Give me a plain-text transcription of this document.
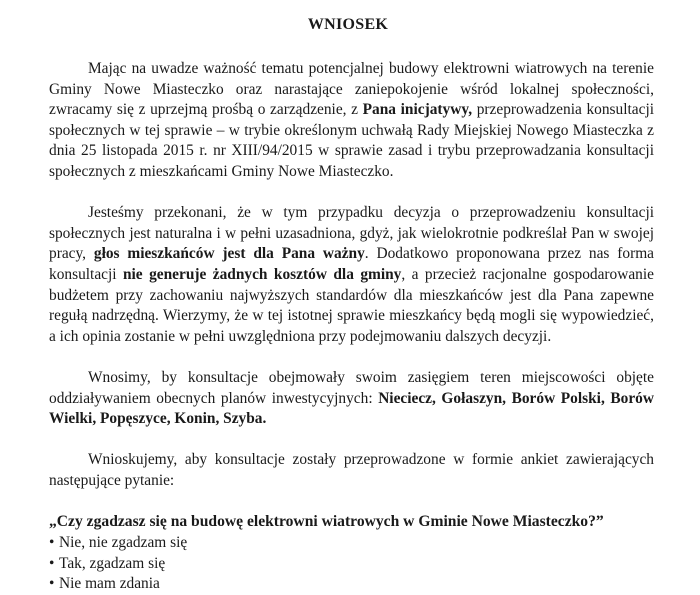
WNIOSEK

Mając na uwadze ważność tematu potencjalnej budowy elektrowni wiatrowych na terenie Gminy Nowe Miasteczko oraz narastające zaniepokojenie wśród lokalnej społeczności, zwracamy się z uprzejmą prośbą o zarządzenie, z Pana inicjatywy, przeprowadzenia konsultacji społecznych w tej sprawie – w trybie określonym uchwałą Rady Miejskiej Nowego Miasteczka z dnia 25 listopada 2015 r. nr XIII/94/2015 w sprawie zasad i trybu przeprowadzania konsultacji społecznych z mieszkańcami Gminy Nowe Miasteczko.

Jesteśmy przekonani, że w tym przypadku decyzja o przeprowadzeniu konsultacji społecznych jest naturalna i w pełni uzasadniona, gdyż, jak wielokrotnie podkreślał Pan w swojej pracy, głos mieszkańców jest dla Pana ważny. Dodatkowo proponowana przez nas forma konsultacji nie generuje żadnych kosztów dla gminy, a przecież racjonalne gospodarowanie budżetem przy zachowaniu najwyższych standardów dla mieszkańców jest dla Pana zapewne regułą nadrzędną. Wierzymy, że w tej istotnej sprawie mieszkańcy będą mogli się wypowiedzieć, a ich opinia zostanie w pełni uwzględniona przy podejmowaniu dalszych decyzji.

Wnosimy, by konsultacje obejmowały swoim zasięgiem teren miejscowości objęte oddziaływaniem obecnych planów inwestycyjnych: Nieciecz, Gołaszyn, Borów Polski, Borów Wielki, Popęszyce, Konin, Szyba.

Wnioskujemy, aby konsultacje zostały przeprowadzone w formie ankiet zawierających następujące pytanie:

„Czy zgadzasz się na budowę elektrowni wiatrowych w Gminie Nowe Miasteczko?”
• Nie, nie zgadzam się
• Tak, zgadzam się
• Nie mam zdania
